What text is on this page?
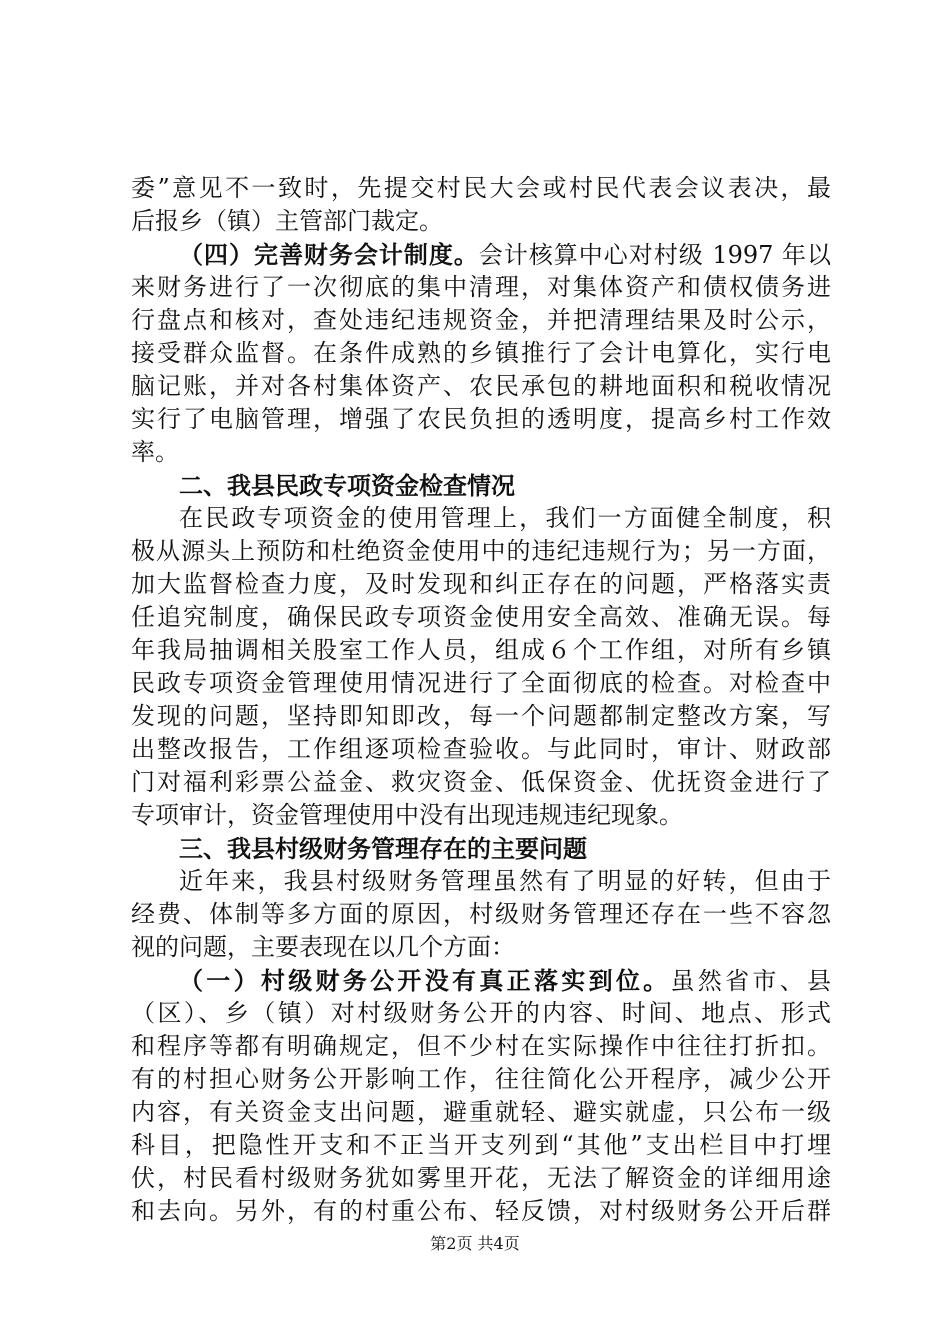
委”意见不一致时，先提交村民大会或村民代表会议表决，最
后报乡（镇）主管部门裁定。
（四）完善财务会计制度。会计核算中心对村级 1997 年以
来财务进行了一次彻底的集中清理，对集体资产和债权债务进
行盘点和核对，查处违纪违规资金，并把清理结果及时公示，
接受群众监督。在条件成熟的乡镇推行了会计电算化，实行电
脑记账，并对各村集体资产、农民承包的耕地面积和税收情况
实行了电脑管理，增强了农民负担的透明度，提高乡村工作效
率。
二、我县民政专项资金检查情况
在民政专项资金的使用管理上，我们一方面健全制度，积
极从源头上预防和杜绝资金使用中的违纪违规行为；另一方面，
加大监督检查力度，及时发现和纠正存在的问题，严格落实责
任追究制度，确保民政专项资金使用安全高效、准确无误。每
年我局抽调相关股室工作人员，组成６个工作组，对所有乡镇
民政专项资金管理使用情况进行了全面彻底的检查。对检查中
发现的问题，坚持即知即改，每一个问题都制定整改方案，写
出整改报告，工作组逐项检查验收。与此同时，审计、财政部
门对福利彩票公益金、救灾资金、低保资金、优抚资金进行了
专项审计，资金管理使用中没有出现违规违纪现象。
三、我县村级财务管理存在的主要问题
近年来，我县村级财务管理虽然有了明显的好转，但由于
经费、体制等多方面的原因，村级财务管理还存在一些不容忽
视的问题，主要表现在以几个方面：
（一）村级财务公开没有真正落实到位。虽然省市、县
（区）、乡（镇）对村级财务公开的内容、时间、地点、形式
和程序等都有明确规定，但不少村在实际操作中往往打折扣。
有的村担心财务公开影响工作，往往简化公开程序，减少公开
内容，有关资金支出问题，避重就轻、避实就虚，只公布一级
科目，把隐性开支和不正当开支列到“其他”支出栏目中打埋
伏，村民看村级财务犹如雾里开花，无法了解资金的详细用途
和去向。另外，有的村重公布、轻反馈，对村级财务公开后群
第2页 共4页
